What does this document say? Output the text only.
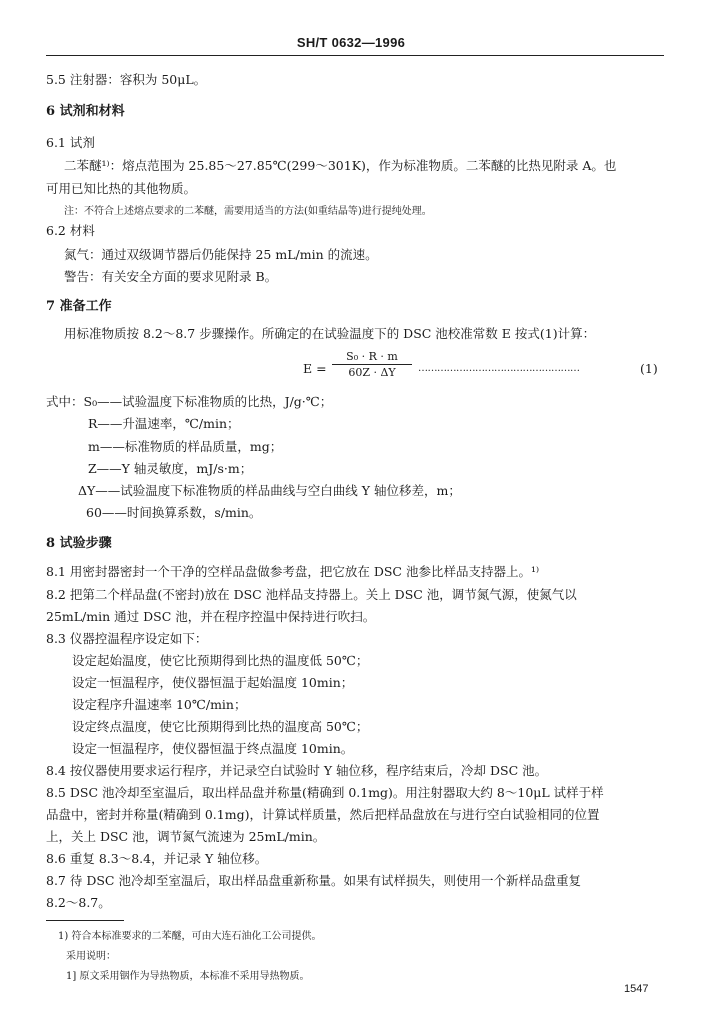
SH/T 0632—1996
5.5 注射器：容积为 50μL。
6 试剂和材料
6.1 试剂
二苯醚¹⁾：熔点范围为 25.85～27.85℃(299～301K)，作为标准物质。二苯醚的比热见附录 A。也
可用已知比热的其他物质。
注：不符合上述熔点要求的二苯醚，需要用适当的方法(如重结晶等)进行提纯处理。
6.2 材料
氮气：通过双级调节器后仍能保持 25 mL/min 的流速。
警告：有关安全方面的要求见附录 B。
7 准备工作
用标准物质按 8.2～8.7 步骤操作。所确定的在试验温度下的 DSC 池校准常数 E 按式(1)计算：
$E = \frac{\text{S₀ · R · m}}{60Z \cdot \Delta Y}$ ……………………………………………	(1)
式中：S₀——试验温度下标准物质的比热，J/g·℃；
R——升温速率，℃/min；
m——标准物质的样品质量，mg；
Z——Y 轴灵敏度，mJ/s·m；
ΔY——试验温度下标准物质的样品曲线与空白曲线 Y 轴位移差，m；
60——时间换算系数，s/min。
8 试验步骤
8.1 用密封器密封一个干净的空样品盘做参考盘，把它放在 DSC 池参比样品支持器上。¹⁾
8.2 把第二个样品盘(不密封)放在 DSC 池样品支持器上。关上 DSC 池，调节氮气源，使氮气以
25mL/min 通过 DSC 池，并在程序控温中保持进行吹扫。
8.3 仪器控温程序设定如下：
设定起始温度，使它比预期得到比热的温度低 50℃；
设定一恒温程序，使仪器恒温于起始温度 10min；
设定程序升温速率 10℃/min；
设定终点温度，使它比预期得到比热的温度高 50℃；
设定一恒温程序，使仪器恒温于终点温度 10min。
8.4 按仪器使用要求运行程序，并记录空白试验时 Y 轴位移，程序结束后，冷却 DSC 池。
8.5 DSC 池冷却至室温后，取出样品盘并称量(精确到 0.1mg)。用注射器取大约 8～10μL 试样于样
品盘中，密封并称量(精确到 0.1mg)，计算试样质量，然后把样品盘放在与进行空白试验相同的位置
上，关上 DSC 池，调节氮气流速为 25mL/min。
8.6 重复 8.3～8.4，并记录 Y 轴位移。
8.7 待 DSC 池冷却至室温后，取出样品盘重新称量。如果有试样损失，则使用一个新样品盘重复
8.2～8.7。
1) 符合本标准要求的二苯醚，可由大连石油化工公司提供。
采用说明：
1] 原文采用铟作为导热物质，本标准不采用导热物质。
1547
